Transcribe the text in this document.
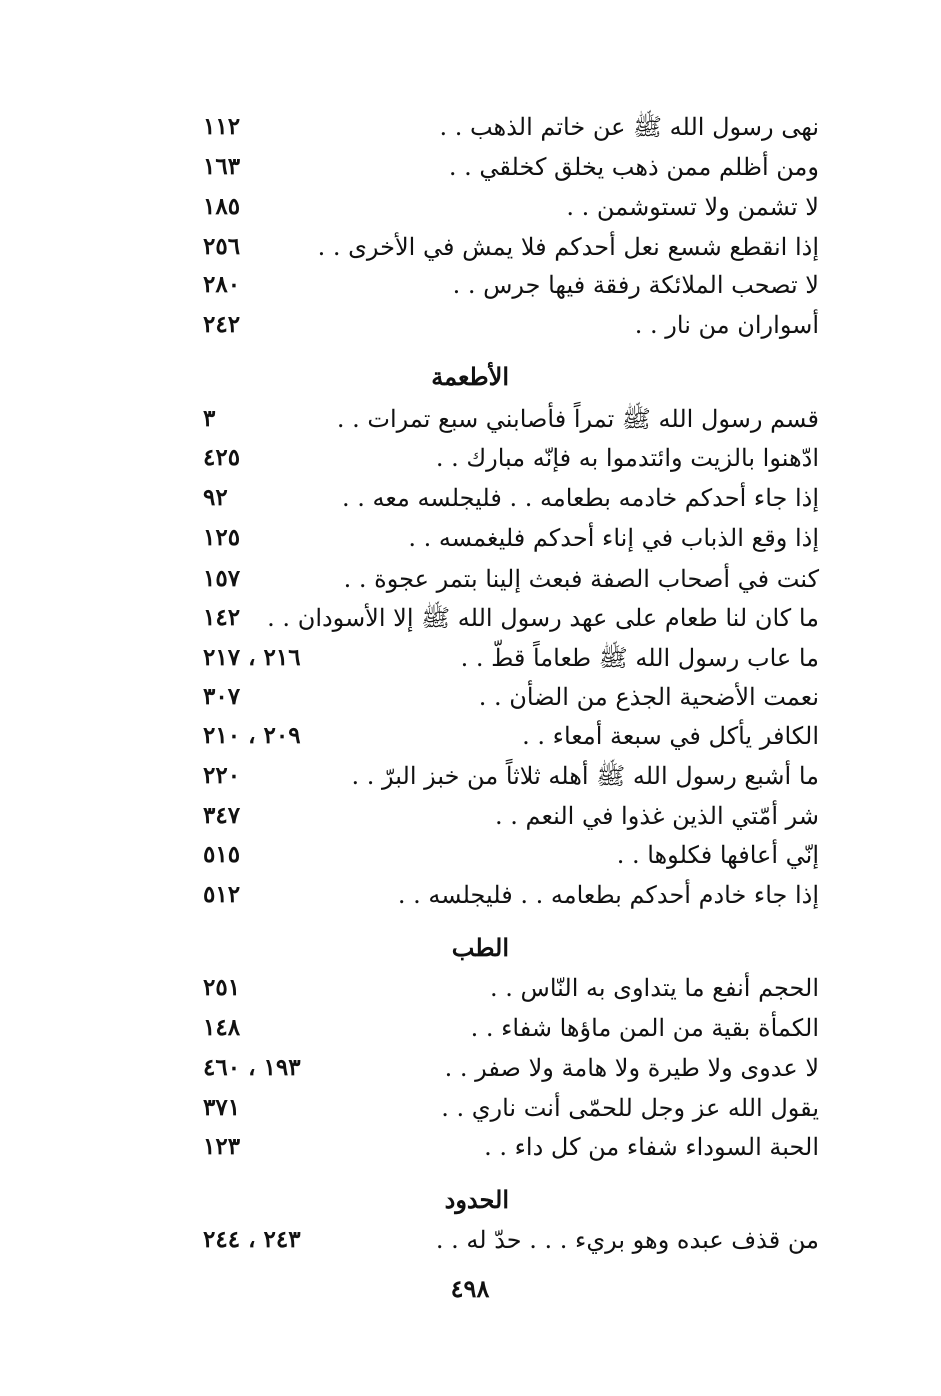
نهى رسول الله ﷺ عن خاتم الذهب . .
١١٢
ومن أظلم ممن ذهب يخلق كخلقي . .
١٦٣
لا تشمن ولا تستوشمن . .
١٨٥
إذا انقطع شسع نعل أحدكم فلا يمش في الأخرى . .
٢٥٦
لا تصحب الملائكة رفقة فيها جرس . .
٢٨٠
أسواران من نار . .
٢٤٢
الأطعمة
قسم رسول الله ﷺ تمراً فأصابني سبع تمرات . .
٣
ادّهنوا بالزيت وائتدموا به فإنّه مبارك . .
٤٢٥
إذا جاء أحدكم خادمه بطعامه . . فليجلسه معه . .
٩٢
إذا وقع الذباب في إناء أحدكم فليغمسه . .
١٢٥
كنت في أصحاب الصفة فبعث إلينا بتمر عجوة . .
١٥٧
ما كان لنا طعام على عهد رسول الله ﷺ إلا الأسودان . .
١٤٢
ما عاب رسول الله ﷺ طعاماً قطّ . .
٢١٦ ، ٢١٧
نعمت الأضحية الجذع من الضأن . .
٣٠٧
الكافر يأكل في سبعة أمعاء . .
٢٠٩ ، ٢١٠
ما أشبع رسول الله ﷺ أهله ثلاثاً من خبز البرّ . .
٢٢٠
شر أمّتي الذين غذوا في النعم . .
٣٤٧
إنّي أعافها فكلوها . .
٥١٥
إذا جاء خادم أحدكم بطعامه . . فليجلسه . .
٥١٢
الطب
الحجم أنفع ما يتداوى به النّاس . .
٢٥١
الكمأة بقية من المن ماؤها شفاء . .
١٤٨
لا عدوى ولا طيرة ولا هامة ولا صفر . .
١٩٣ ، ٤٦٠
يقول الله عز وجل للحمّى أنت ناري . .
٣٧١
الحبة السوداء شفاء من كل داء . .
١٢٣
الحدود
من قذف عبده وهو بريء . . . حدّ له . .
٢٤٣ ، ٢٤٤
٤٩٨
